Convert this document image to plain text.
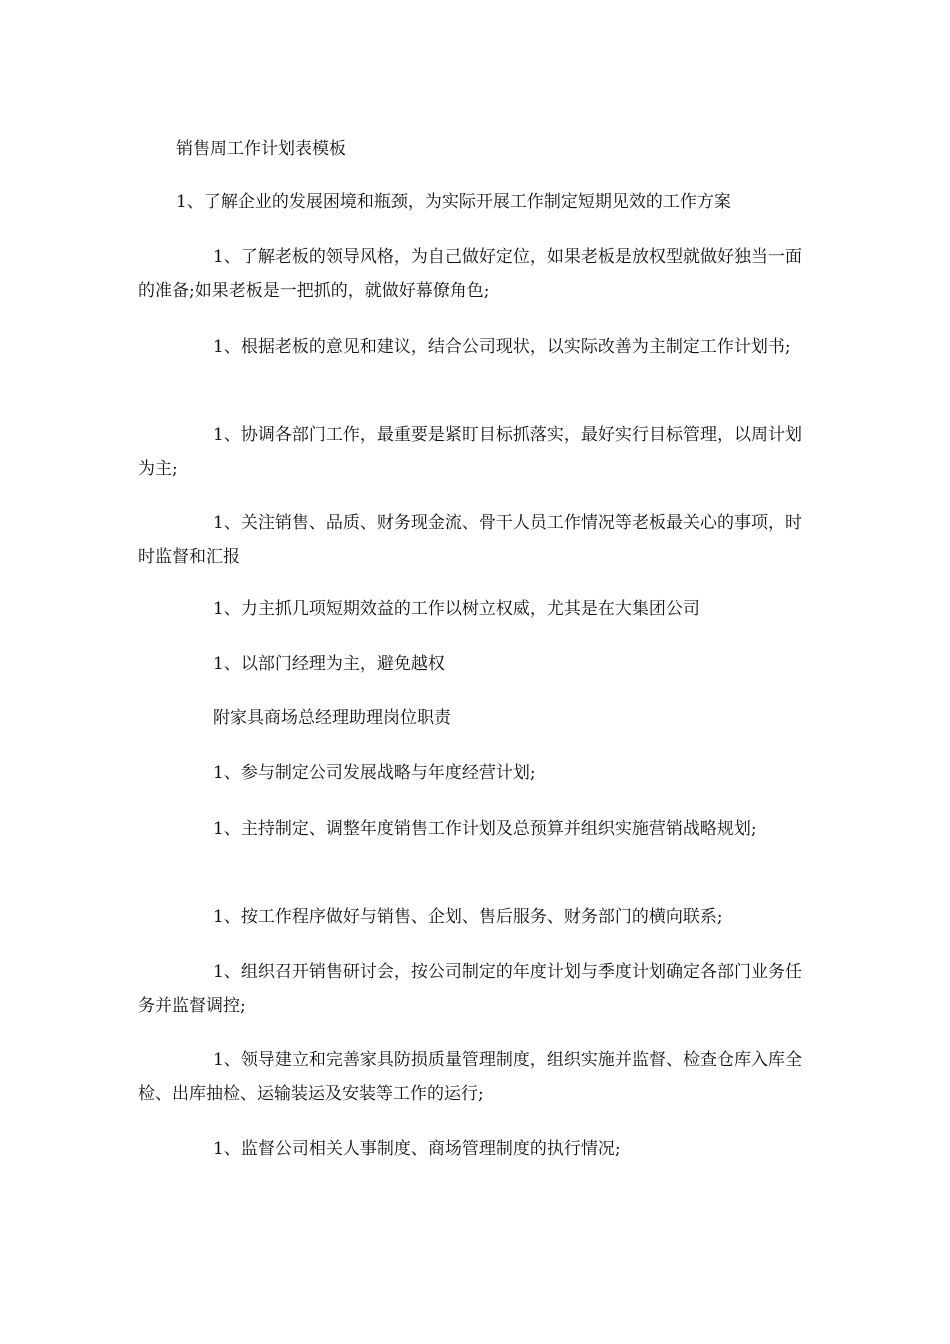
销售周工作计划表模板

1、了解企业的发展困境和瓶颈，为实际开展工作制定短期见效的工作方案

1、了解老板的领导风格，为自己做好定位，如果老板是放权型就做好独当一面的准备;如果老板是一把抓的，就做好幕僚角色;

1、根据老板的意见和建议，结合公司现状，以实际改善为主制定工作计划书;

1、协调各部门工作，最重要是紧盯目标抓落实，最好实行目标管理，以周计划为主;

1、关注销售、品质、财务现金流、骨干人员工作情况等老板最关心的事项，时时监督和汇报

1、力主抓几项短期效益的工作以树立权威，尤其是在大集团公司

1、以部门经理为主，避免越权

附家具商场总经理助理岗位职责

1、参与制定公司发展战略与年度经营计划;

1、主持制定、调整年度销售工作计划及总预算并组织实施营销战略规划;

1、按工作程序做好与销售、企划、售后服务、财务部门的横向联系;

1、组织召开销售研讨会，按公司制定的年度计划与季度计划确定各部门业务任务并监督调控;

1、领导建立和完善家具防损质量管理制度，组织实施并监督、检查仓库入库全检、出库抽检、运输装运及安装等工作的运行;

1、监督公司相关人事制度、商场管理制度的执行情况;
